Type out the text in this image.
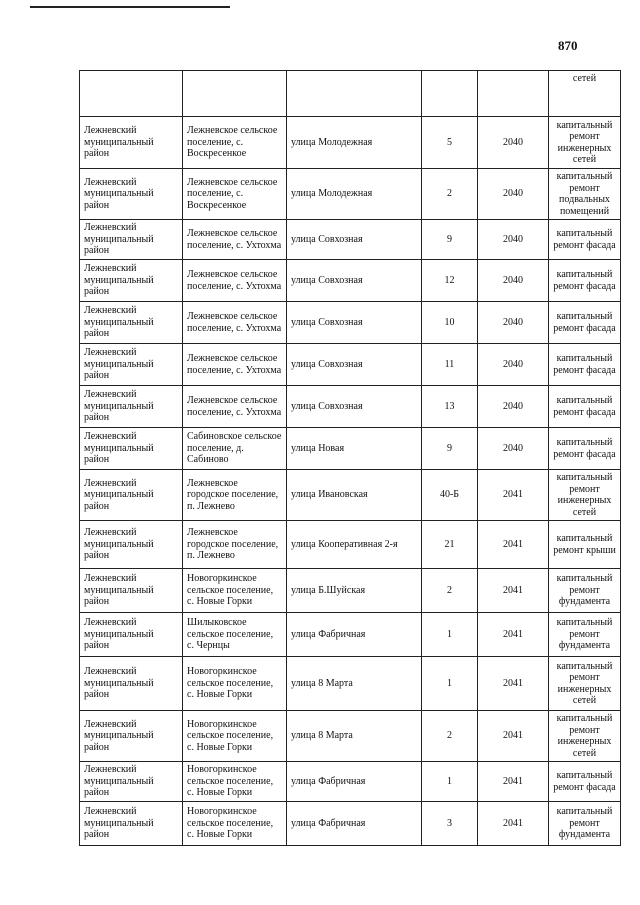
870
					сетей
Лежневский муниципальный район	Лежневское сельское поселение, с. Воскресенкое	улица Молодежная	5	2040	капитальный ремонт инженерных сетей
Лежневский муниципальный район	Лежневское сельское поселение, с. Воскресенкое	улица Молодежная	2	2040	капитальный ремонт подвальных помещений
Лежневский муниципальный район	Лежневское сельское поселение, с. Ухтохма	улица Совхозная	9	2040	капитальный ремонт фасада
Лежневский муниципальный район	Лежневское сельское поселение, с. Ухтохма	улица Совхозная	12	2040	капитальный ремонт фасада
Лежневский муниципальный район	Лежневское сельское поселение, с. Ухтохма	улица Совхозная	10	2040	капитальный ремонт фасада
Лежневский муниципальный район	Лежневское сельское поселение, с. Ухтохма	улица Совхозная	11	2040	капитальный ремонт фасада
Лежневский муниципальный район	Лежневское сельское поселение, с. Ухтохма	улица Совхозная	13	2040	капитальный ремонт фасада
Лежневский муниципальный район	Сабиновское сельское поселение, д. Сабиново	улица Новая	9	2040	капитальный ремонт фасада
Лежневский муниципальный район	Лежневское городское поселение, п. Лежнево	улица Ивановская	40-Б	2041	капитальный ремонт инженерных сетей
Лежневский муниципальный район	Лежневское городское поселение, п. Лежнево	улица Кооперативная 2-я	21	2041	капитальный ремонт крыши
Лежневский муниципальный район	Новогоркинское сельское поселение, с. Новые Горки	улица Б.Шуйская	2	2041	капитальный ремонт фундамента
Лежневский муниципальный район	Шилыковское сельское поселение, с. Чернцы	улица Фабричная	1	2041	капитальный ремонт фундамента
Лежневский муниципальный район	Новогоркинское сельское поселение, с. Новые Горки	улица 8 Марта	1	2041	капитальный ремонт инженерных сетей
Лежневский муниципальный район	Новогоркинское сельское поселение, с. Новые Горки	улица 8 Марта	2	2041	капитальный ремонт инженерных сетей
Лежневский муниципальный район	Новогоркинское сельское поселение, с. Новые Горки	улица Фабричная	1	2041	капитальный ремонт фасада
Лежневский муниципальный район	Новогоркинское сельское поселение, с. Новые Горки	улица Фабричная	3	2041	капитальный ремонт фундамента
